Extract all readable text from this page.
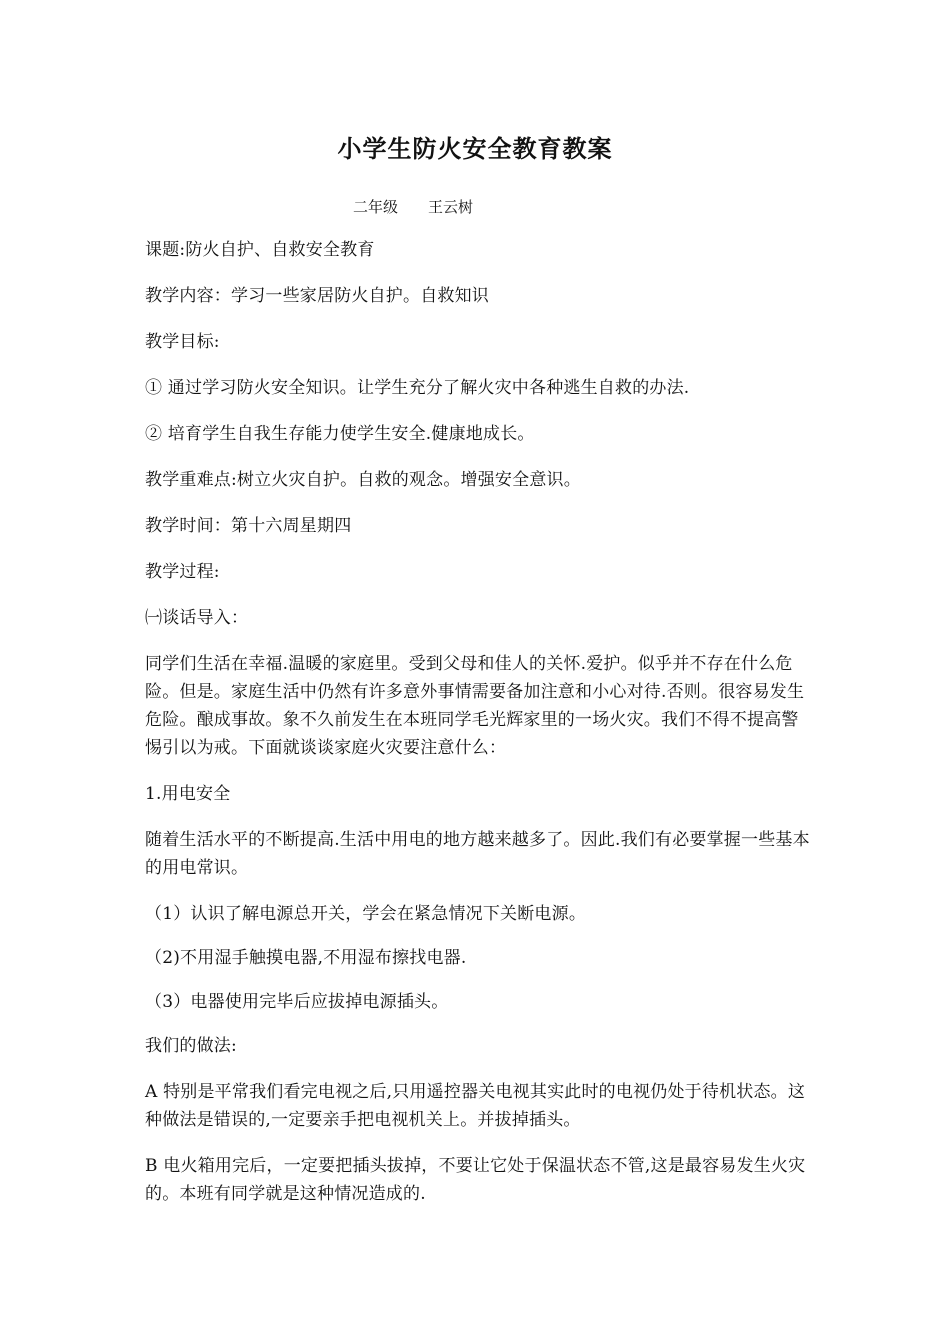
小学生防火安全教育教案
二年级 王云树

课题:防火自护、自救安全教育

教学内容：学习一些家居防火自护。自救知识

教学目标:

① 通过学习防火安全知识。让学生充分了解火灾中各种逃生自救的办法.

② 培育学生自我生存能力使学生安全.健康地成长。

教学重难点:树立火灾自护。自救的观念。增强安全意识。

教学时间：第十六周星期四

教学过程:

㈠谈话导入：

同学们生活在幸福.温暖的家庭里。受到父母和佳人的关怀.爱护。似乎并不存在什么危险。但是。家庭生活中仍然有许多意外事情需要备加注意和小心对待.否则。很容易发生危险。酿成事故。象不久前发生在本班同学毛光辉家里的一场火灾。我们不得不提高警惕引以为戒。下面就谈谈家庭火灾要注意什么：

1.用电安全

随着生活水平的不断提高.生活中用电的地方越来越多了。因此.我们有必要掌握一些基本的用电常识。

（1）认识了解电源总开关，学会在紧急情况下关断电源。

（2)不用湿手触摸电器,不用湿布擦找电器.

（3）电器使用完毕后应拔掉电源插头。

我们的做法:

A 特别是平常我们看完电视之后,只用遥控器关电视其实此时的电视仍处于待机状态。这种做法是错误的,一定要亲手把电视机关上。并拔掉插头。

B 电火箱用完后，一定要把插头拔掉，不要让它处于保温状态不管,这是最容易发生火灾的。本班有同学就是这种情况造成的.
